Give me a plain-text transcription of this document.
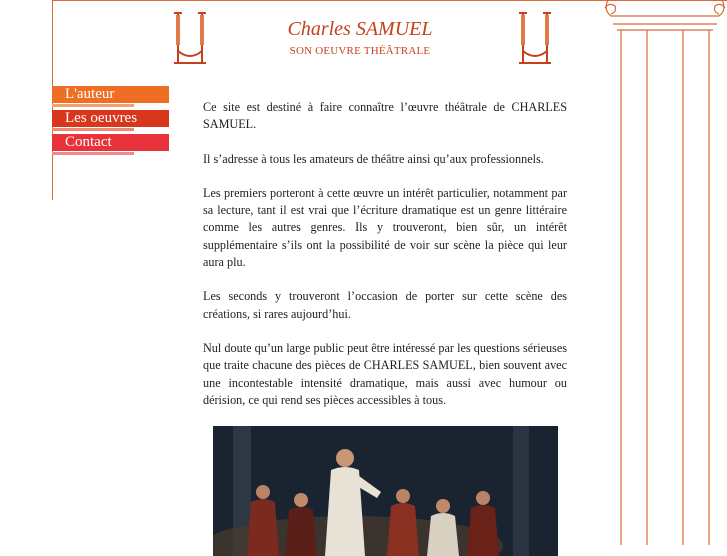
Charles SAMUEL
SON OEUVRE THÉÂTRALE
L'auteur
Les oeuvres
Contact

Ce site est destiné à faire connaître l’œuvre théâtrale de CHARLES SAMUEL.

Il s’adresse à tous les amateurs de théâtre ainsi qu’aux professionnels.

Les premiers porteront à cette œuvre un intérêt particulier, notamment par sa lecture, tant il est vrai que l’écriture dramatique est un genre littéraire comme les autres genres. Ils y trouveront, bien sûr, un intérêt supplémentaire s’ils ont la possibilité de voir sur scène la pièce qui leur aura plu.

Les seconds y trouveront l’occasion de porter sur cette scène des créations, si rares aujourd’hui.

Nul doute qu’un large public peut être intéressé par les questions sérieuses que traite chacune des pièces de CHARLES SAMUEL, bien souvent avec une incontestable intensité dramatique, mais aussi avec humour ou dérision, ce qui rend ses pièces accessibles à tous.
